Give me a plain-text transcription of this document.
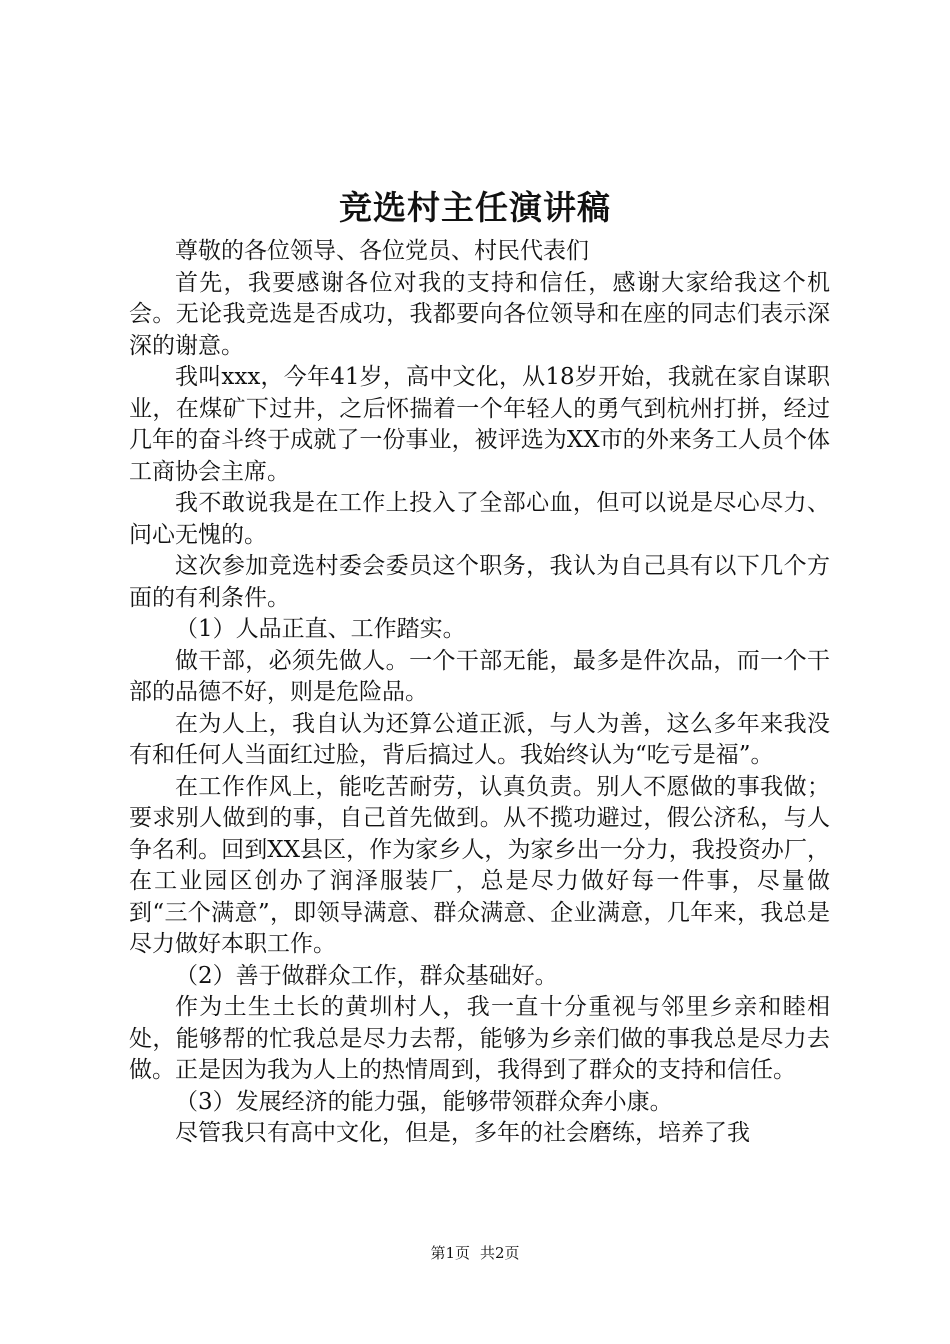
竞选村主任演讲稿

尊敬的各位领导、各位党员、村民代表们

首先，我要感谢各位对我的支持和信任，感谢大家给我这个机会。无论我竞选是否成功，我都要向各位领导和在座的同志们表示深深的谢意。

我叫xxx，今年41岁，高中文化，从18岁开始，我就在家自谋职业，在煤矿下过井，之后怀揣着一个年轻人的勇气到杭州打拼，经过几年的奋斗终于成就了一份事业，被评选为XX市的外来务工人员个体工商协会主席。

我不敢说我是在工作上投入了全部心血，但可以说是尽心尽力、问心无愧的。

这次参加竞选村委会委员这个职务，我认为自己具有以下几个方面的有利条件。

（1）人品正直、工作踏实。

做干部，必须先做人。一个干部无能，最多是件次品，而一个干部的品德不好，则是危险品。

在为人上，我自认为还算公道正派，与人为善，这么多年来我没有和任何人当面红过脸，背后搞过人。我始终认为“吃亏是福”。

在工作作风上，能吃苦耐劳，认真负责。别人不愿做的事我做；要求别人做到的事，自己首先做到。从不揽功避过，假公济私，与人争名利。回到XX县区，作为家乡人，为家乡出一分力，我投资办厂，在工业园区创办了润泽服装厂，总是尽力做好每一件事，尽量做到“三个满意”，即领导满意、群众满意、企业满意，几年来，我总是尽力做好本职工作。

（2）善于做群众工作，群众基础好。

作为土生土长的黄圳村人，我一直十分重视与邻里乡亲和睦相处，能够帮的忙我总是尽力去帮，能够为乡亲们做的事我总是尽力去做。正是因为我为人上的热情周到，我得到了群众的支持和信任。

（3）发展经济的能力强，能够带领群众奔小康。

尽管我只有高中文化，但是，多年的社会磨练，培养了我

第1页 共2页
